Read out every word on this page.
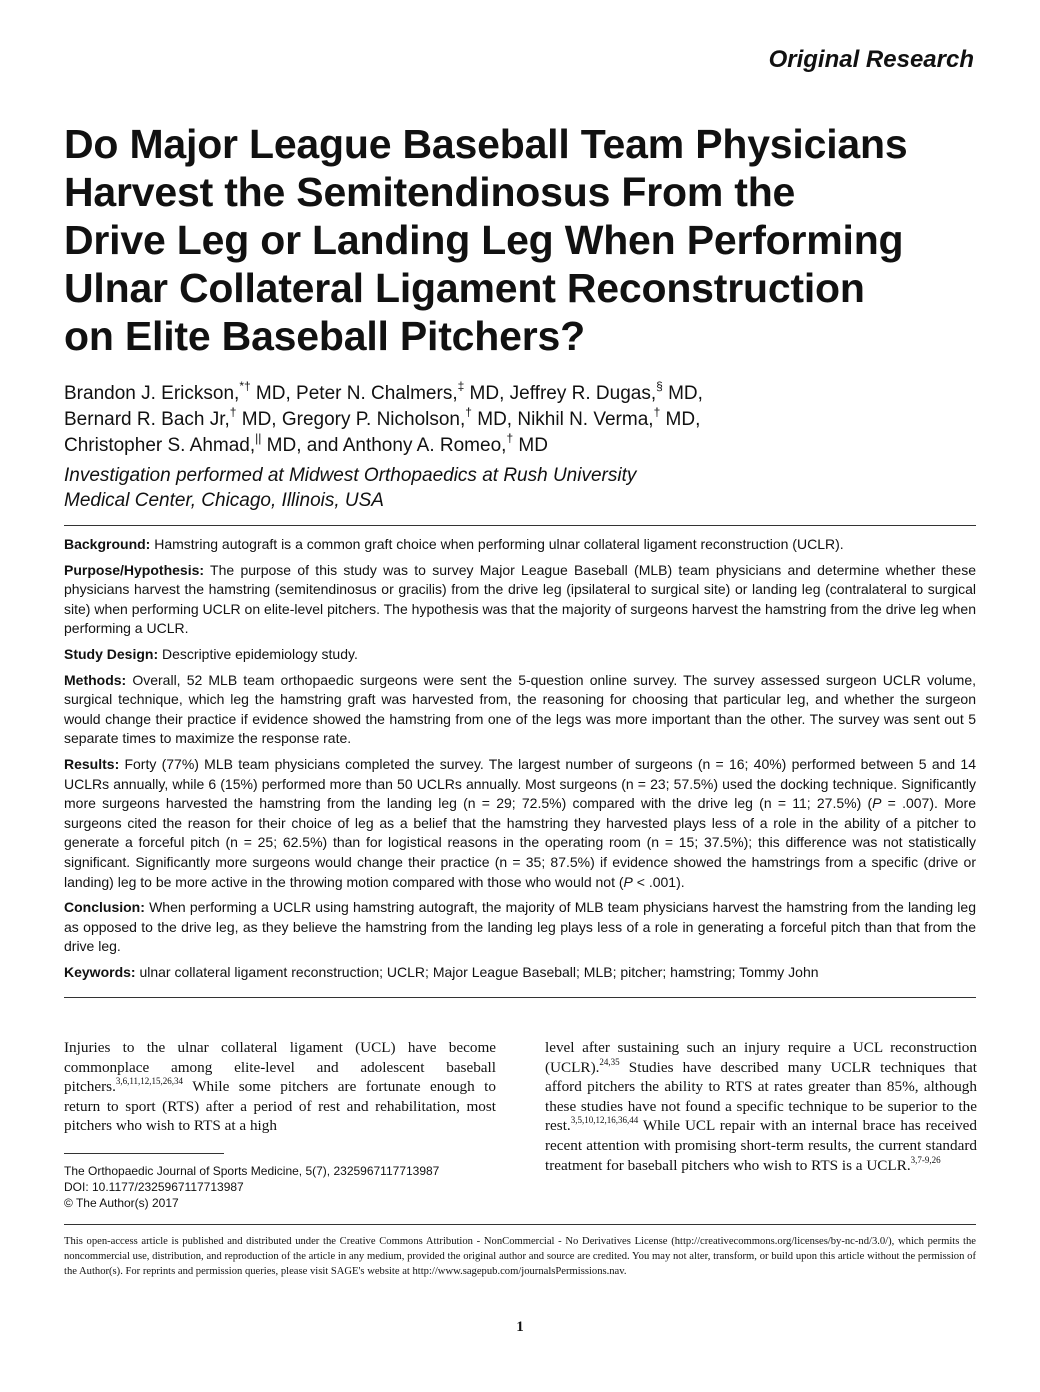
Original Research
Do Major League Baseball Team Physicians
Harvest the Semitendinosus From the
Drive Leg or Landing Leg When Performing
Ulnar Collateral Ligament Reconstruction
on Elite Baseball Pitchers?
Brandon J. Erickson,*† MD, Peter N. Chalmers,‡ MD, Jeffrey R. Dugas,§ MD,
Bernard R. Bach Jr,† MD, Gregory P. Nicholson,† MD, Nikhil N. Verma,† MD,
Christopher S. Ahmad,|| MD, and Anthony A. Romeo,† MD
Investigation performed at Midwest Orthopaedics at Rush University
Medical Center, Chicago, Illinois, USA

Background: Hamstring autograft is a common graft choice when performing ulnar collateral ligament reconstruction (UCLR).

Purpose/Hypothesis: The purpose of this study was to survey Major League Baseball (MLB) team physicians and determine whether these physicians harvest the hamstring (semitendinosus or gracilis) from the drive leg (ipsilateral to surgical site) or landing leg (contralateral to surgical site) when performing UCLR on elite-level pitchers. The hypothesis was that the majority of surgeons harvest the hamstring from the drive leg when performing a UCLR.

Study Design: Descriptive epidemiology study.

Methods: Overall, 52 MLB team orthopaedic surgeons were sent the 5-question online survey. The survey assessed surgeon UCLR volume, surgical technique, which leg the hamstring graft was harvested from, the reasoning for choosing that particular leg, and whether the surgeon would change their practice if evidence showed the hamstring from one of the legs was more important than the other. The survey was sent out 5 separate times to maximize the response rate.

Results: Forty (77%) MLB team physicians completed the survey. The largest number of surgeons (n = 16; 40%) performed between 5 and 14 UCLRs annually, while 6 (15%) performed more than 50 UCLRs annually. Most surgeons (n = 23; 57.5%) used the docking technique. Significantly more surgeons harvested the hamstring from the landing leg (n = 29; 72.5%) compared with the drive leg (n = 11; 27.5%) (P = .007). More surgeons cited the reason for their choice of leg as a belief that the hamstring they harvested plays less of a role in the ability of a pitcher to generate a forceful pitch (n = 25; 62.5%) than for logistical reasons in the operating room (n = 15; 37.5%); this difference was not statistically significant. Significantly more surgeons would change their practice (n = 35; 87.5%) if evidence showed the hamstrings from a specific (drive or landing) leg to be more active in the throwing motion compared with those who would not (P < .001).

Conclusion: When performing a UCLR using hamstring autograft, the majority of MLB team physicians harvest the hamstring from the landing leg as opposed to the drive leg, as they believe the hamstring from the landing leg plays less of a role in generating a forceful pitch than that from the drive leg.

Keywords: ulnar collateral ligament reconstruction; UCLR; Major League Baseball; MLB; pitcher; hamstring; Tommy John

Injuries to the ulnar collateral ligament (UCL) have become commonplace among elite-level and adolescent baseball pitchers.$^{3,6,11,12,15,26,34}$ While some pitchers are fortunate enough to return to sport (RTS) after a period of rest and rehabilitation, most pitchers who wish to RTS at a high
The Orthopaedic Journal of Sports Medicine, 5(7), 2325967117713987
DOI: 10.1177/2325967117713987
© The Author(s) 2017
level after sustaining such an injury require a UCL reconstruction (UCLR).$^{24,35}$ Studies have described many UCLR techniques that afford pitchers the ability to RTS at rates greater than 85%, although these studies have not found a specific technique to be superior to the rest.$^{3,5,10,12,16,36,44}$ While UCL repair with an internal brace has received recent attention with promising short-term results, the current standard treatment for baseball pitchers who wish to RTS is a UCLR.$^{3,7-9,26}$
This open-access article is published and distributed under the Creative Commons Attribution - NonCommercial - No Derivatives License (http://creativecommons.org/licenses/by-nc-nd/3.0/), which permits the noncommercial use, distribution, and reproduction of the article in any medium, provided the original author and source are credited. You may not alter, transform, or build upon this article without the permission of the Author(s). For reprints and permission queries, please visit SAGE's website at http://www.sagepub.com/journalsPermissions.nav.
1
